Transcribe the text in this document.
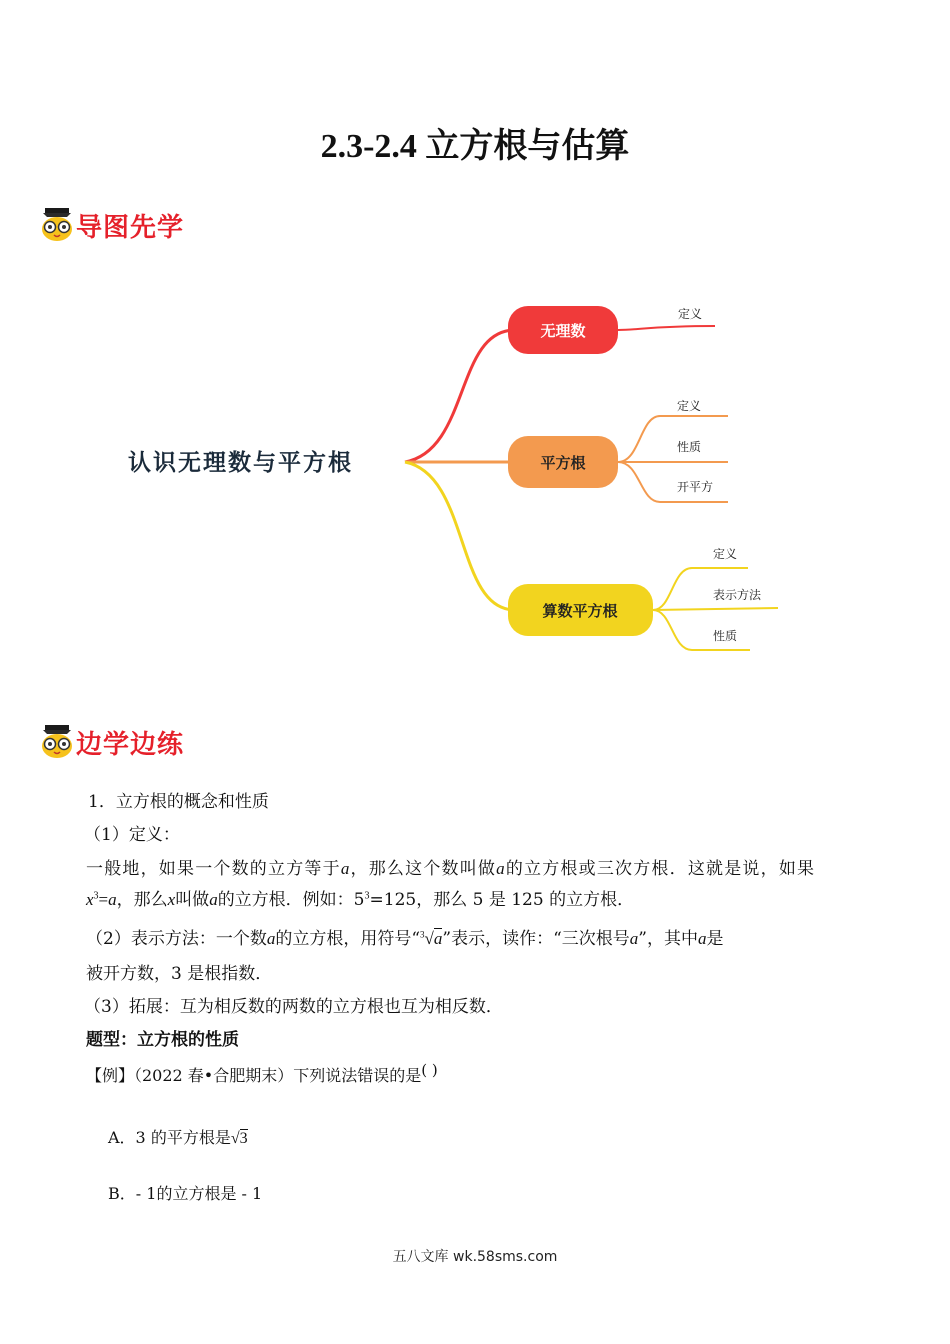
2.3-2.4 立方根与估算
导图先学
认识无理数与平方根
无理数
定义
平方根
定义
性质
开平方
算数平方根
定义
表示方法
性质
边学边练
1．立方根的概念和性质
（1）定义：
一般地，如果一个数的立方等于a，那么这个数叫做a的立方根或三次方根．这就是说，如果
$x^3=a$，那么x叫做a的立方根．例如：$5^3=125$，那么 5 是 125 的立方根．
（2）表示方法：一个数a的立方根，用符号“$^3$√a”表示，读作：“三次根号a”，其中a是
被开方数，3 是根指数．
（3）拓展：互为相反数的两数的立方根也互为相反数．
题型：立方根的性质
【例】（2022 春•合肥期末）下列说法错误的是( )
A．3 的平方根是√3
B．- 1的立方根是 - 1
五八文库 wk.58sms.com
